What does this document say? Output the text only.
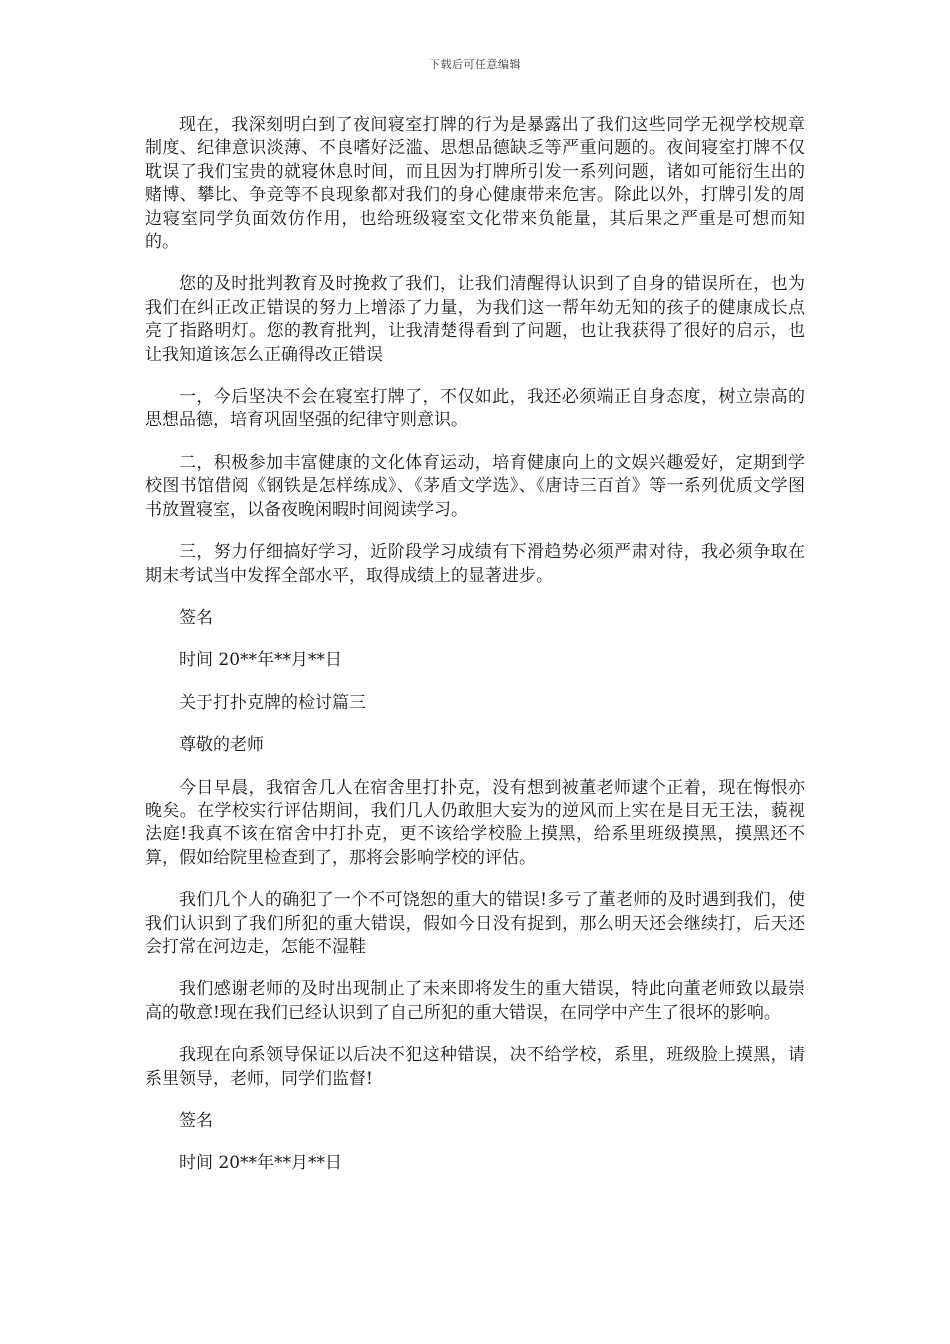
下载后可任意编辑

现在，我深刻明白到了夜间寝室打牌的行为是暴露出了我们这些同学无视学校规章制度、纪律意识淡薄、不良嗜好泛滥、思想品德缺乏等严重问题的。夜间寝室打牌不仅耽误了我们宝贵的就寝休息时间，而且因为打牌所引发一系列问题，诸如可能衍生出的赌博、攀比、争竞等不良现象都对我们的身心健康带来危害。除此以外，打牌引发的周边寝室同学负面效仿作用，也给班级寝室文化带来负能量，其后果之严重是可想而知的。

您的及时批判教育及时挽救了我们，让我们清醒得认识到了自身的错误所在，也为我们在纠正改正错误的努力上增添了力量，为我们这一帮年幼无知的孩子的健康成长点亮了指路明灯。您的教育批判，让我清楚得看到了问题，也让我获得了很好的启示，也让我知道该怎么正确得改正错误

一，今后坚决不会在寝室打牌了，不仅如此，我还必须端正自身态度，树立崇高的思想品德，培育巩固坚强的纪律守则意识。

二，积极参加丰富健康的文化体育运动，培育健康向上的文娱兴趣爱好，定期到学校图书馆借阅《钢铁是怎样练成》、《茅盾文学选》、《唐诗三百首》等一系列优质文学图书放置寝室，以备夜晚闲暇时间阅读学习。

三，努力仔细搞好学习，近阶段学习成绩有下滑趋势必须严肃对待，我必须争取在期末考试当中发挥全部水平，取得成绩上的显著进步。

签名

时间 20**年**月**日

关于打扑克牌的检讨篇三

尊敬的老师

今日早晨，我宿舍几人在宿舍里打扑克，没有想到被董老师逮个正着，现在悔恨亦晚矣。在学校实行评估期间，我们几人仍敢胆大妄为的逆风而上实在是目无王法，藐视法庭!我真不该在宿舍中打扑克，更不该给学校脸上摸黑，给系里班级摸黑，摸黑还不算，假如给院里检查到了，那将会影响学校的评估。

我们几个人的确犯了一个不可饶恕的重大的错误!多亏了董老师的及时遇到我们，使我们认识到了我们所犯的重大错误，假如今日没有捉到，那么明天还会继续打，后天还会打常在河边走，怎能不湿鞋

我们感谢老师的及时出现制止了未来即将发生的重大错误，特此向董老师致以最崇高的敬意!现在我们已经认识到了自己所犯的重大错误，在同学中产生了很坏的影响。

我现在向系领导保证以后决不犯这种错误，决不给学校，系里，班级脸上摸黑，请系里领导，老师，同学们监督!

签名

时间 20**年**月**日
